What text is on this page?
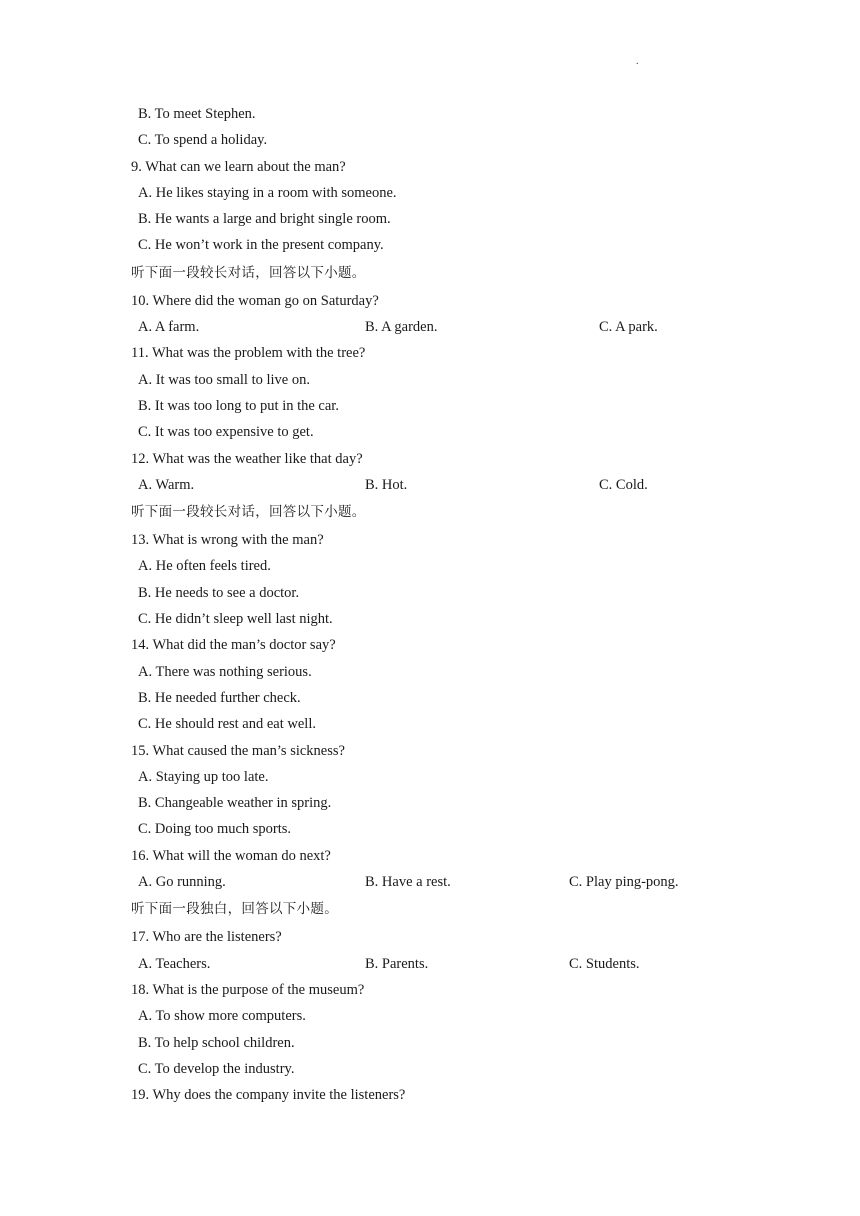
.
B. To meet Stephen.
C. To spend a holiday.
9. What can we learn about the man?
A. He likes staying in a room with someone.
B. He wants a large and bright single room.
C. He won’t work in the present company.
听下面一段较长对话，回答以下小题。
10. Where did the woman go on Saturday?
A. A farm.	B. A garden.	C. A park.
11. What was the problem with the tree?
A. It was too small to live on.
B. It was too long to put in the car.
C. It was too expensive to get.
12. What was the weather like that day?
A. Warm.	B. Hot.	C. Cold.
听下面一段较长对话，回答以下小题。
13. What is wrong with the man?
A. He often feels tired.
B. He needs to see a doctor.
C. He didn’t sleep well last night.
14. What did the man’s doctor say?
A. There was nothing serious.
B. He needed further check.
C. He should rest and eat well.
15. What caused the man’s sickness?
A. Staying up too late.
B. Changeable weather in spring.
C. Doing too much sports.
16. What will the woman do next?
A. Go running.	B. Have a rest.	C. Play ping-pong.
听下面一段独白，回答以下小题。
17. Who are the listeners?
A. Teachers.	B. Parents.	C. Students.
18. What is the purpose of the museum?
A. To show more computers.
B. To help school children.
C. To develop the industry.
19. Why does the company invite the listeners?
